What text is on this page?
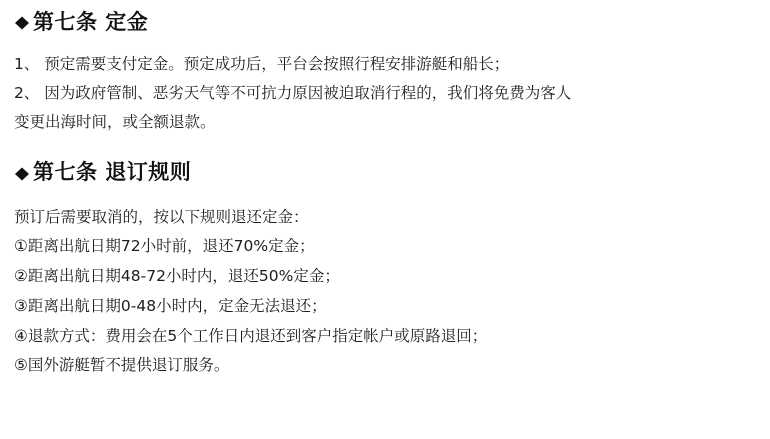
第七条 定金
1、 预定需要支付定金。预定成功后，平台会按照行程安排游艇和船长；
2、 因为政府管制、恶劣天气等不可抗力原因被迫取消行程的，我们将免费为客人
变更出海时间，或全额退款。
第七条 退订规则
预订后需要取消的，按以下规则退还定金：
①距离出航日期72小时前，退还70%定金；
②距离出航日期48-72小时内，退还50%定金；
③距离出航日期0-48小时内，定金无法退还；
④退款方式：费用会在5个工作日内退还到客户指定帐户或原路退回；
⑤国外游艇暂不提供退订服务。
